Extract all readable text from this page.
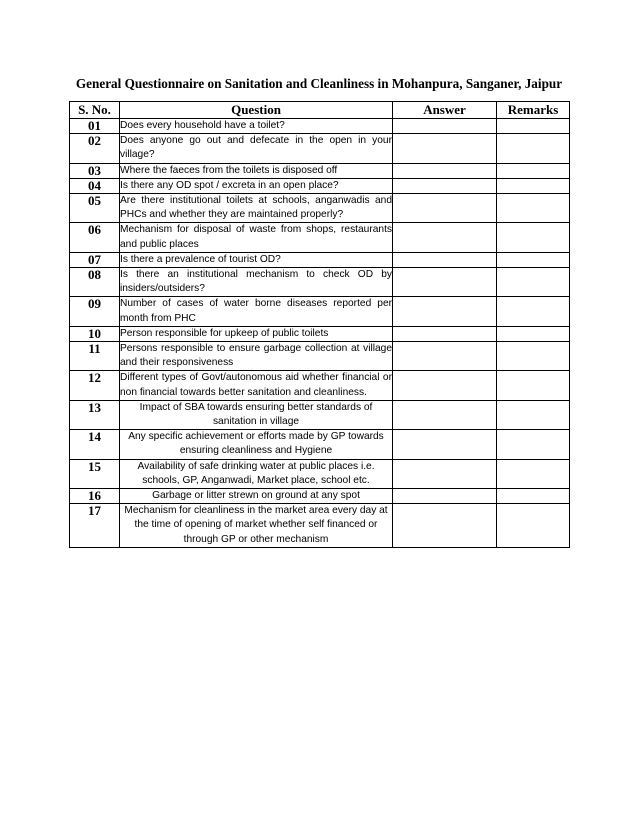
General Questionnaire on Sanitation and Cleanliness in Mohanpura, Sanganer, Jaipur
S. No.	Question	Answer	Remarks
01	Does every household have a toilet?		
02	Does anyone go out and defecate in the open in your village?		
03	Where the faeces from the toilets is disposed off		
04	Is there any OD spot / excreta in an open place?		
05	Are there institutional toilets at schools, anganwadis and PHCs and whether they are maintained properly?		
06	Mechanism for disposal of waste from shops, restaurants and public places		
07	Is there a prevalence of tourist OD?		
08	Is there an institutional mechanism to check OD by insiders/outsiders?		
09	Number of cases of water borne diseases reported per month from PHC		
10	Person responsible for upkeep of public toilets		
11	Persons responsible to ensure garbage collection at village and their responsiveness		
12	Different types of Govt/autonomous aid whether financial or non financial towards better sanitation and cleanliness.		
13	Impact of SBA towards ensuring better standards of sanitation in village		
14	Any specific achievement or efforts made by GP towards ensuring cleanliness and Hygiene		
15	Availability of safe drinking water at public places i.e. schools, GP, Anganwadi, Market place, school etc.		
16	Garbage or litter strewn on ground at any spot		
17	Mechanism for cleanliness in the market area every day at the time of opening of market whether self financed or through GP or other mechanism		
